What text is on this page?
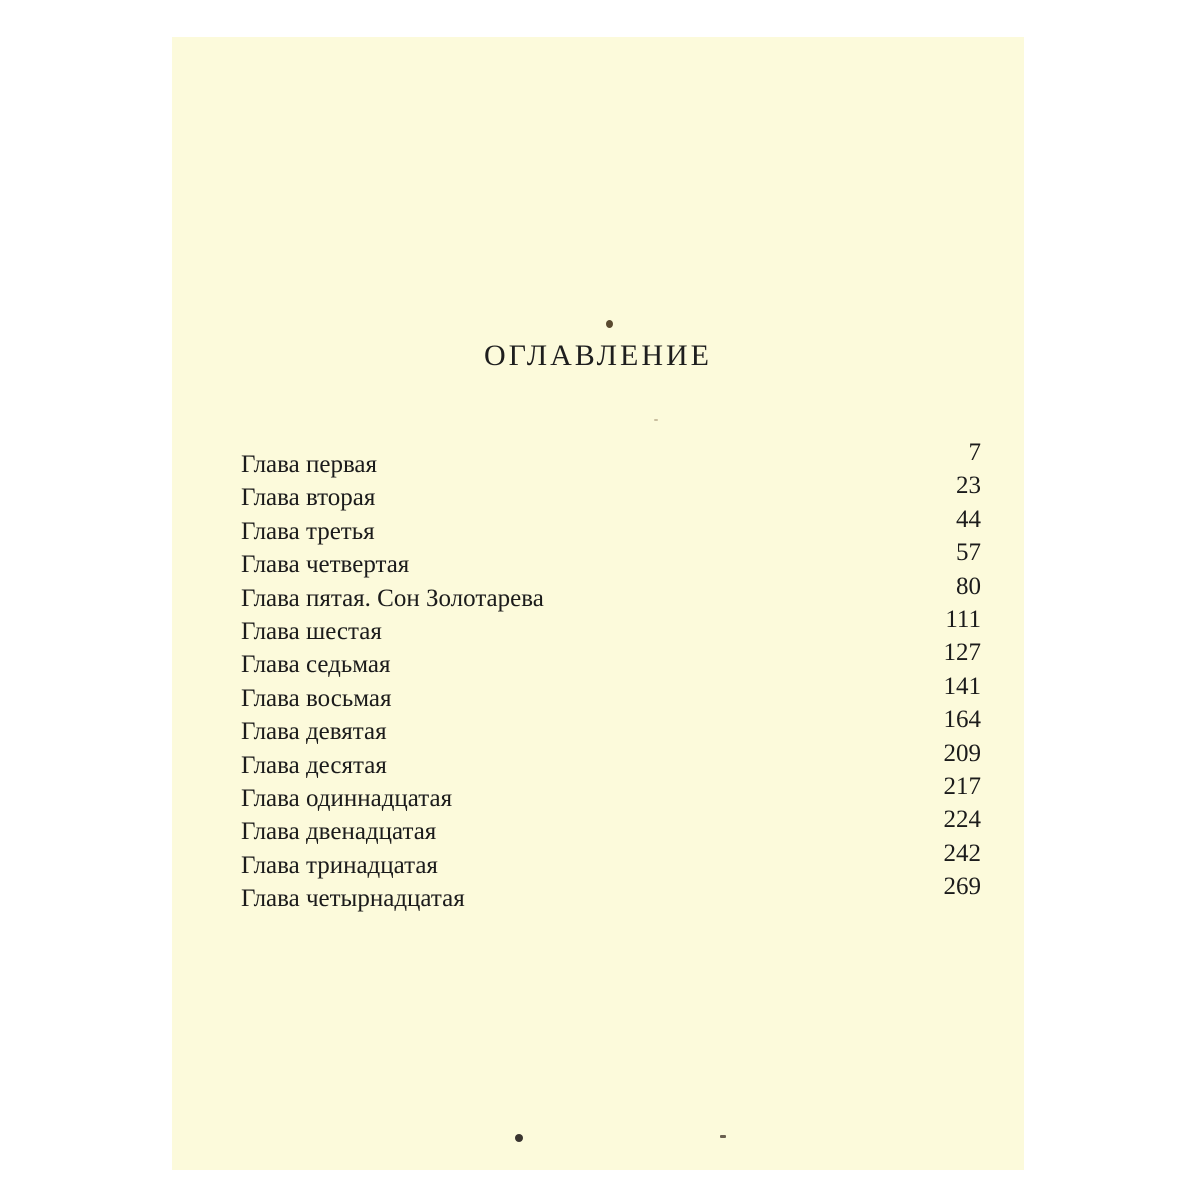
ОГЛАВЛЕНИЕ
Глава первая	7
Глава вторая	23
Глава третья	44
Глава четвертая	57
Глава пятая. Сон Золотарева	80
Глава шестая	111
Глава седьмая	127
Глава восьмая	141
Глава девятая	164
Глава десятая	209
Глава одиннадцатая	217
Глава двенадцатая	224
Глава тринадцатая	242
Глава четырнадцатая	269
